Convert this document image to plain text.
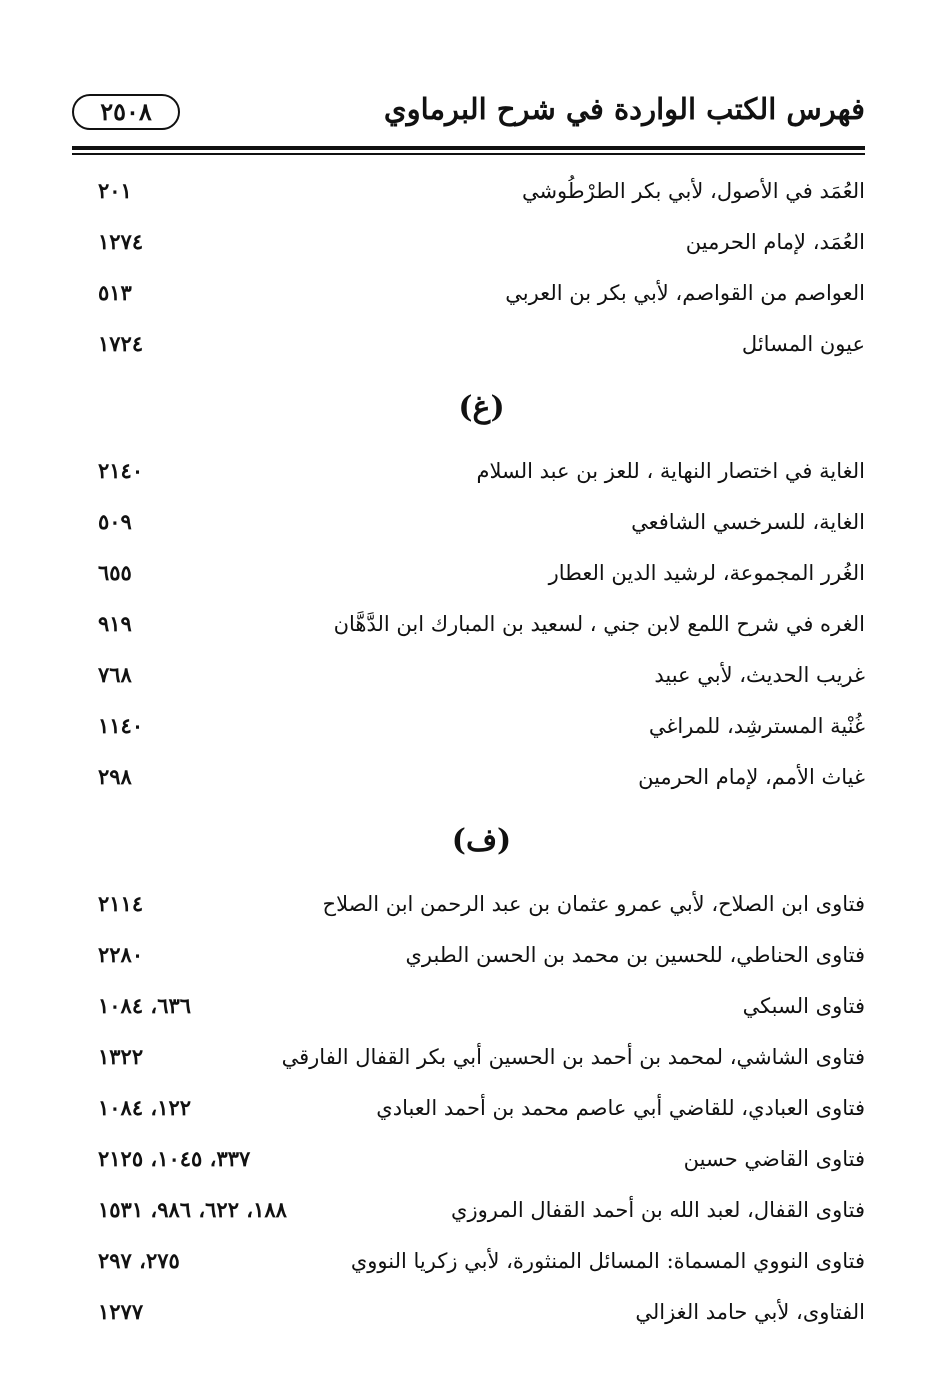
فهرس الكتب الواردة في شرح البرماوي
٢٥٠٨
العُمَد في الأصول، لأبي بكر الطرْطُوشي
٢٠١
العُمَد، لإمام الحرمين
١٢٧٤
العواصم من القواصم، لأبي بكر بن العربي
٥١٣
عيون المسائل
١٧٢٤
(غ)
الغاية في اختصار النهاية ، للعز بن عبد السلام
٢١٤٠
الغاية، للسرخسي الشافعي
٥٠٩
الغُرر المجموعة، لرشيد الدين العطار
٦٥٥
الغره في شرح اللمع لابن جني ، لسعيد بن المبارك ابن الدَّهَّان
٩١٩
غريب الحديث، لأبي عبيد
٧٦٨
غُنْية المسترشِد، للمراغي
١١٤٠
غياث الأمم، لإمام الحرمين
٢٩٨
(ف)
فتاوى ابن الصلاح، لأبي عمرو عثمان بن عبد الرحمن ابن الصلاح
٢١١٤
فتاوى الحناطي، للحسين بن محمد بن الحسن الطبري
٢٢٨٠
فتاوى السبكي
٦٣٦، ١٠٨٤
فتاوى الشاشي، لمحمد بن أحمد بن الحسين أبي بكر القفال الفارقي
١٣٢٢
فتاوى العبادي، للقاضي أبي عاصم محمد بن أحمد العبادي
١٢٢، ١٠٨٤
فتاوى القاضي حسين
٣٣٧، ١٠٤٥، ٢١٢٥
فتاوى القفال، لعبد الله بن أحمد القفال المروزي
١٨٨، ٦٢٢، ٩٨٦، ١٥٣١
فتاوى النووي المسماة: المسائل المنثورة، لأبي زكريا النووي
٢٧٥، ٢٩٧
الفتاوى، لأبي حامد الغزالي
١٢٧٧
